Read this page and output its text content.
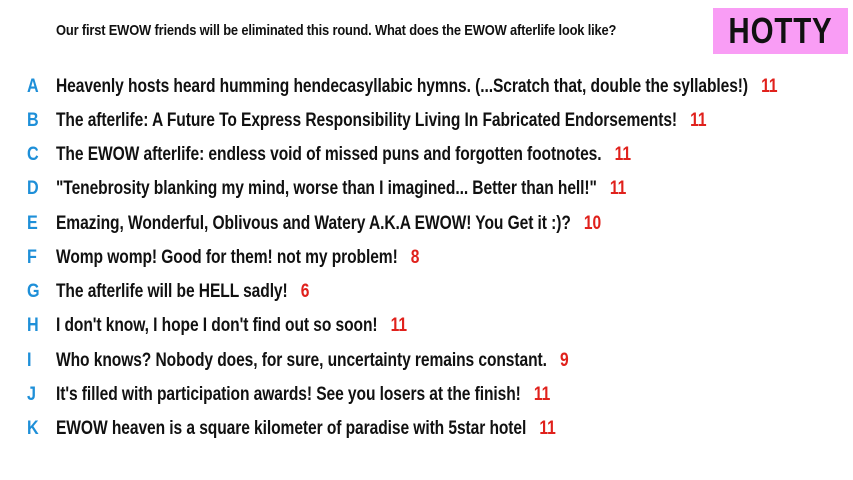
Our first EWOW friends will be eliminated this round. What does the EWOW afterlife look like?	HOTTY
A Heavenly hosts heard humming hendecasyllabic hymns. (...Scratch that, double the syllables!) 11
B The afterlife: A Future To Express Responsibility Living In Fabricated Endorsements! 11
C The EWOW afterlife: endless void of missed puns and forgotten footnotes. 11
D "Tenebrosity blanking my mind, worse than I imagined... Better than hell!" 11
E Emazing, Wonderful, Oblivous and Watery A.K.A EWOW! You Get it :)? 10
F	Womp womp! Good for them! not my problem! 8
G The afterlife will be HELL sadly! 6
H I don't know, I hope I don't find out so soon! 11
I	Who knows? Nobody does, for sure, uncertainty remains constant. 9
J	It's filled with participation awards! See you losers at the finish! 11
K EWOW heaven is a square kilometer of paradise with 5star hotel 11
